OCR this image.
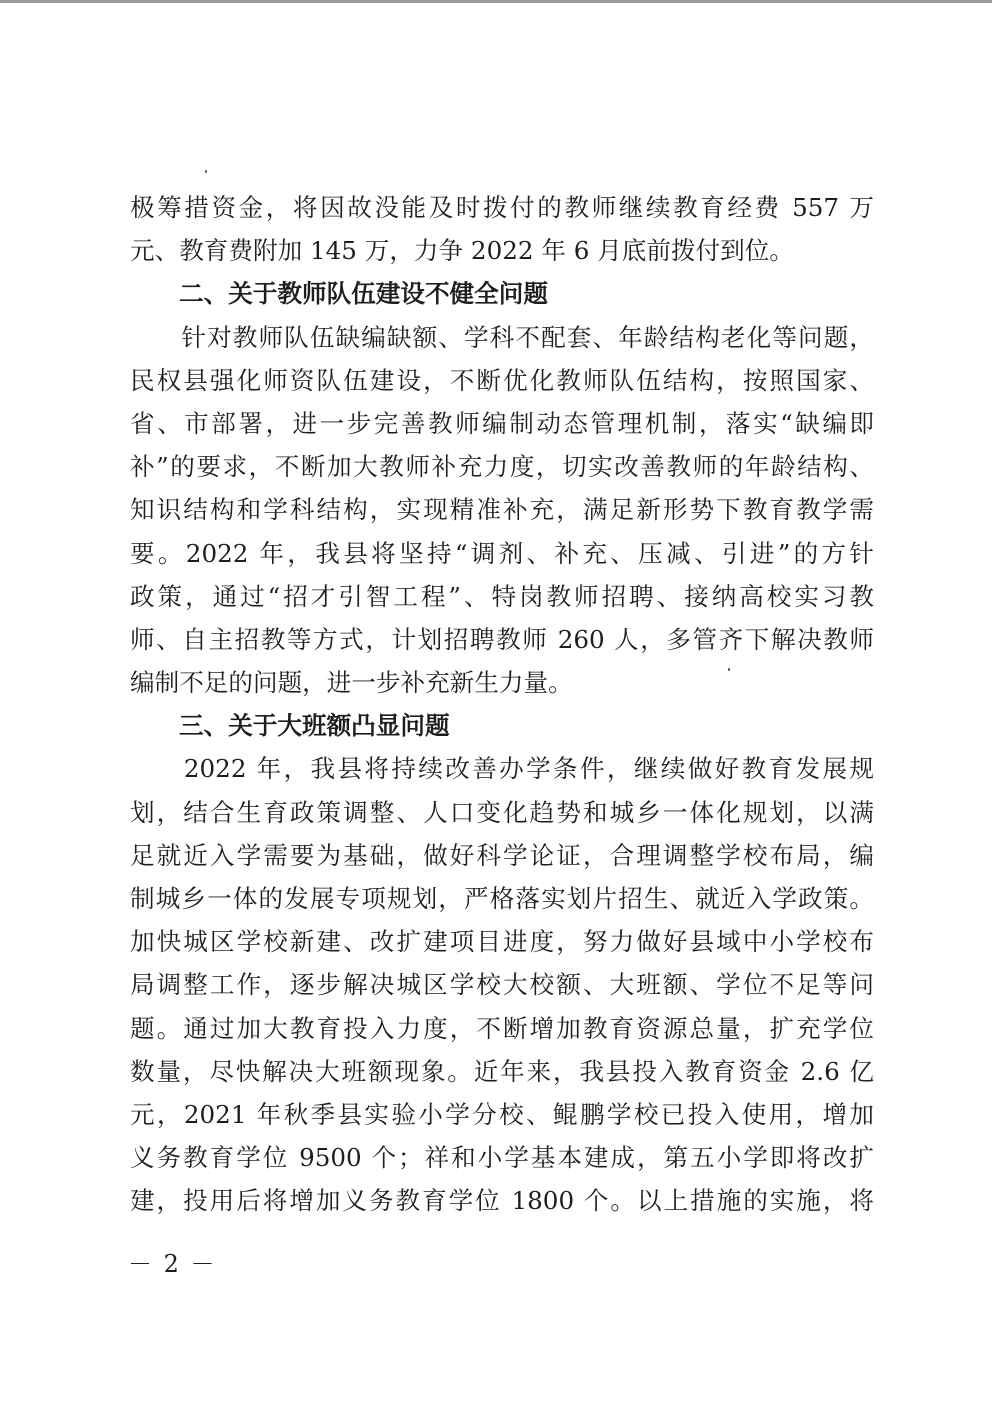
极筹措资金，将因故没能及时拨付的教师继续教育经费 557 万
元、教育费附加 145 万，力争 2022 年 6 月底前拨付到位。
二、关于教师队伍建设不健全问题
　　针对教师队伍缺编缺额、学科不配套、年龄结构老化等问题，
民权县强化师资队伍建设，不断优化教师队伍结构，按照国家、
省、市部署，进一步完善教师编制动态管理机制，落实“缺编即
补”的要求，不断加大教师补充力度，切实改善教师的年龄结构、
知识结构和学科结构，实现精准补充，满足新形势下教育教学需
要。2022 年，我县将坚持“调剂、补充、压减、引进”的方针
政策，通过“招才引智工程”、特岗教师招聘、接纳高校实习教
师、自主招教等方式，计划招聘教师 260 人，多管齐下解决教师
编制不足的问题，进一步补充新生力量。
三、关于大班额凸显问题
　　2022 年，我县将持续改善办学条件，继续做好教育发展规
划，结合生育政策调整、人口变化趋势和城乡一体化规划，以满
足就近入学需要为基础，做好科学论证，合理调整学校布局，编
制城乡一体的发展专项规划，严格落实划片招生、就近入学政策。
加快城区学校新建、改扩建项目进度，努力做好县域中小学校布
局调整工作，逐步解决城区学校大校额、大班额、学位不足等问
题。通过加大教育投入力度，不断增加教育资源总量，扩充学位
数量，尽快解决大班额现象。近年来，我县投入教育资金 2.6 亿
元，2021 年秋季县实验小学分校、鲲鹏学校已投入使用，增加
义务教育学位 9500 个；祥和小学基本建成，第五小学即将改扩
建，投用后将增加义务教育学位 1800 个。以上措施的实施，将
－ 2 －
